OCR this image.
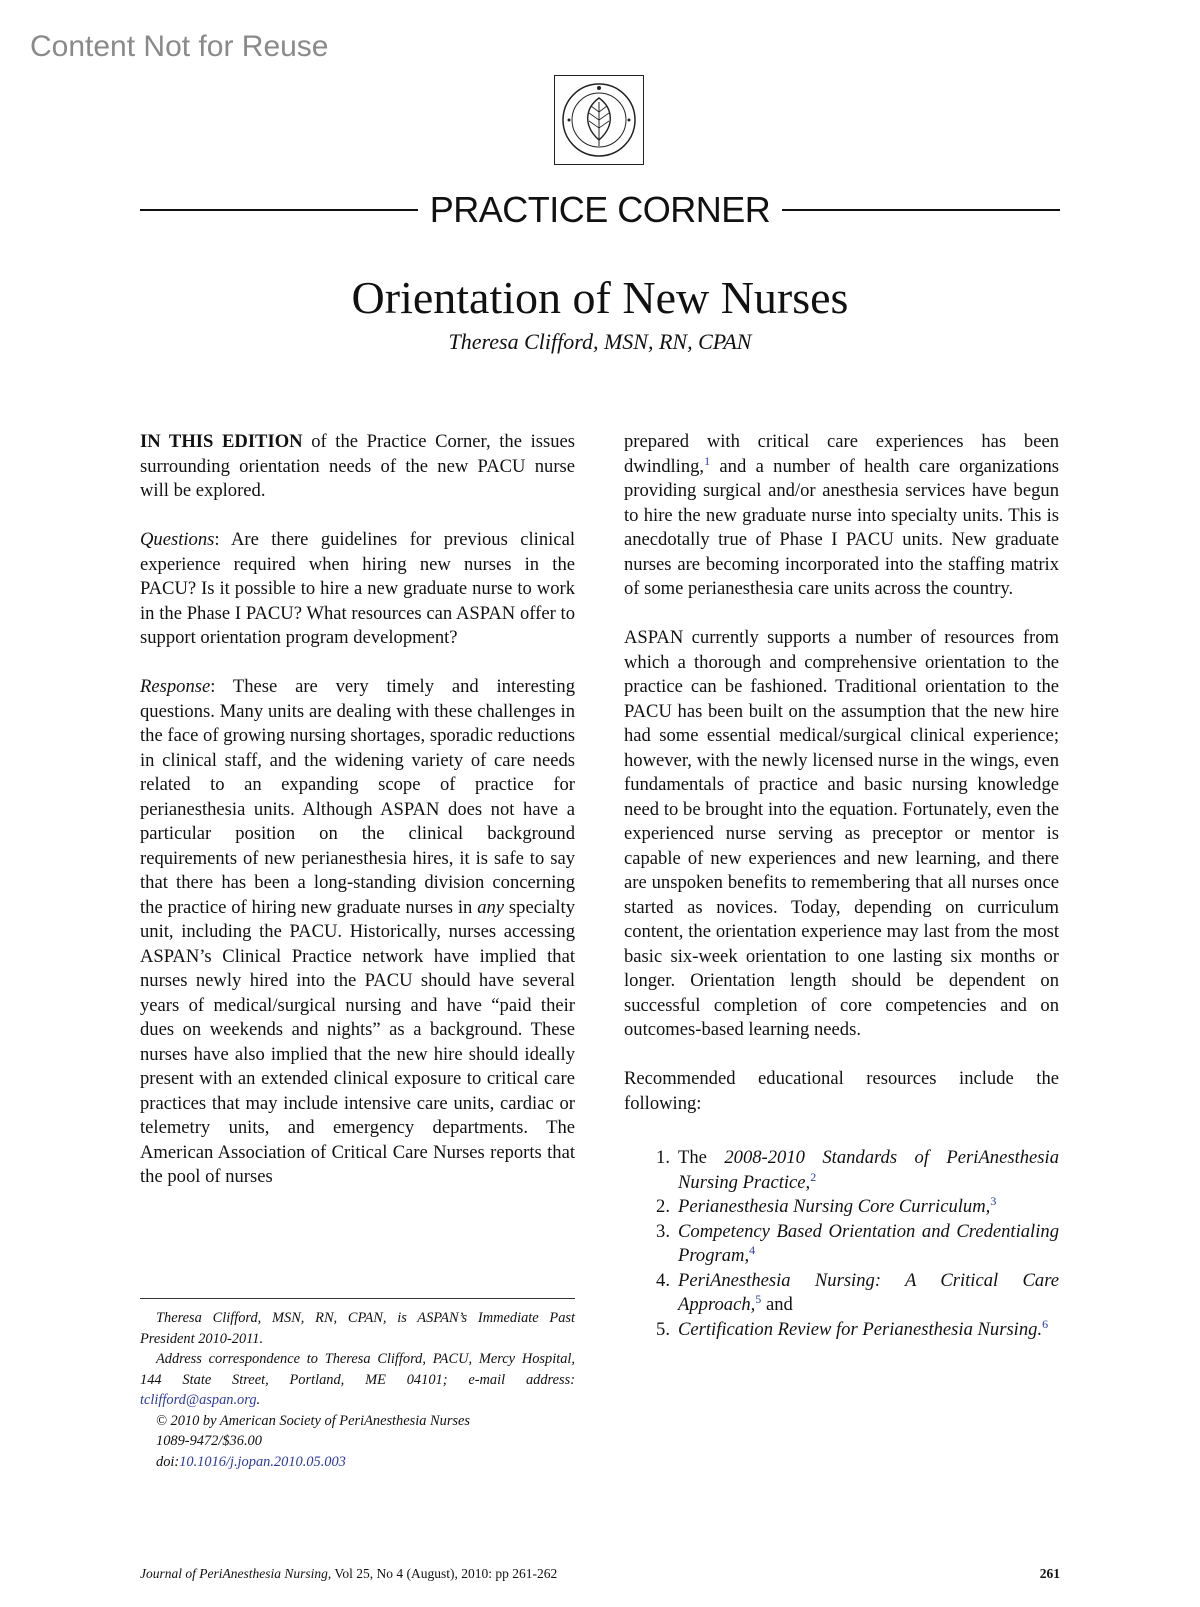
Content Not for Reuse
PRACTICE CORNER
Orientation of New Nurses
Theresa Clifford, MSN, RN, CPAN

IN THIS EDITION of the Practice Corner, the issues surrounding orientation needs of the new PACU nurse will be explored.

Questions: Are there guidelines for previous clinical experience required when hiring new nurses in the PACU? Is it possible to hire a new graduate nurse to work in the Phase I PACU? What resources can ASPAN offer to support orientation program development?

Response: These are very timely and interesting questions. Many units are dealing with these challenges in the face of growing nursing shortages, sporadic reductions in clinical staff, and the widening variety of care needs related to an expanding scope of practice for perianesthesia units. Although ASPAN does not have a particular position on the clinical background requirements of new perianesthesia hires, it is safe to say that there has been a long-standing division concerning the practice of hiring new graduate nurses in any specialty unit, including the PACU. Historically, nurses accessing ASPAN’s Clinical Practice network have implied that nurses newly hired into the PACU should have several years of medical/surgical nursing and have “paid their dues on weekends and nights” as a background. These nurses have also implied that the new hire should ideally present with an extended clinical exposure to critical care practices that may include intensive care units, cardiac or telemetry units, and emergency departments. The American Association of Critical Care Nurses reports that the pool of nurses

Theresa Clifford, MSN, RN, CPAN, is ASPAN’s Immediate Past President 2010-2011.

Address correspondence to Theresa Clifford, PACU, Mercy Hospital, 144 State Street, Portland, ME 04101; e-mail address: tclifford@aspan.org.

© 2010 by American Society of PeriAnesthesia Nurses

1089-9472/$36.00

doi:10.1016/j.jopan.2010.05.003

prepared with critical care experiences has been dwindling,$^1$ and a number of health care organizations providing surgical and/or anesthesia services have begun to hire the new graduate nurse into specialty units. This is anecdotally true of Phase I PACU units. New graduate nurses are becoming incorporated into the staffing matrix of some perianesthesia care units across the country.

ASPAN currently supports a number of resources from which a thorough and comprehensive orientation to the practice can be fashioned. Traditional orientation to the PACU has been built on the assumption that the new hire had some essential medical/surgical clinical experience; however, with the newly licensed nurse in the wings, even fundamentals of practice and basic nursing knowledge need to be brought into the equation. Fortunately, even the experienced nurse serving as preceptor or mentor is capable of new experiences and new learning, and there are unspoken benefits to remembering that all nurses once started as novices. Today, depending on curriculum content, the orientation experience may last from the most basic six-week orientation to one lasting six months or longer. Orientation length should be dependent on successful completion of core competencies and on outcomes-based learning needs.

Recommended educational resources include the following:

1. The 2008-2010 Standards of PeriAnesthesia Nursing Practice,$^2$
2. Perianesthesia Nursing Core Curriculum,$^3$
3. Competency Based Orientation and Credentialing Program,$^4$
4. PeriAnesthesia Nursing: A Critical Care Approach,$^5$ and
5. Certification Review for Perianesthesia Nursing.$^6$
Journal of PeriAnesthesia Nursing, Vol 25, No 4 (August), 2010: pp 261-262	261
